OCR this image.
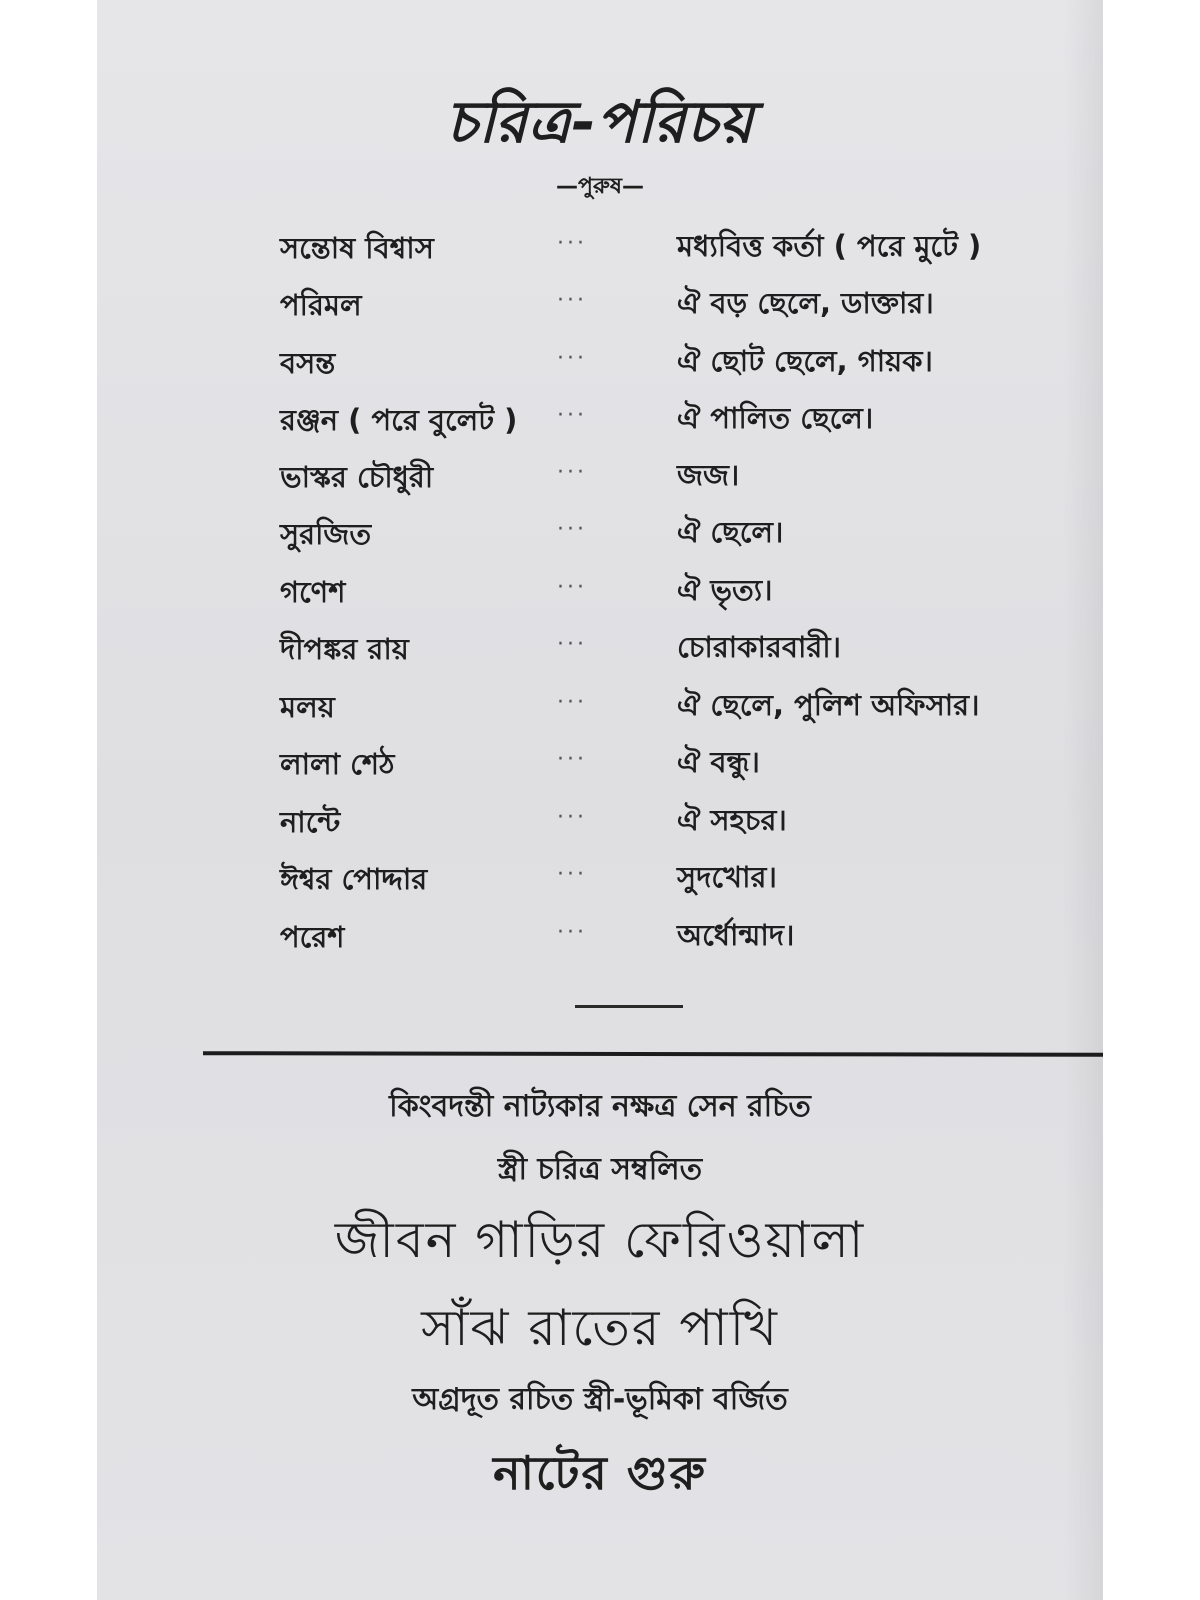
চরিত্র-পরিচয়
—পুরুষ—
সন্তোষ বিশ্বাস	···	মধ্যবিত্ত কর্তা ( পরে মুটে )
পরিমল	···	ঐ বড় ছেলে, ডাক্তার।
বসন্ত	···	ঐ ছোট ছেলে, গায়ক।
রঞ্জন ( পরে বুলেট ) ···	ঐ পালিত ছেলে।
ভাস্কর চৌধুরী	···	জজ।
সুরজিত	···	ঐ ছেলে।
গণেশ	···	ঐ ভৃত্য।
দীপঙ্কর রায়	···	চোরাকারবারী।
মলয়	···	ঐ ছেলে, পুলিশ অফিসার।
লালা শেঠ	···	ঐ বন্ধু।
নান্টে	···	ঐ সহচর।
ঈশ্বর পোদ্দার	···	সুদখোর।
পরেশ	···	অর্ধোন্মাদ।
কিংবদন্তী নাট্যকার নক্ষত্র সেন রচিত
স্ত্রী চরিত্র সম্বলিত
জীবন গাড়ির ফেরিওয়ালা
সাঁঝ রাতের পাখি
অগ্রদূত রচিত স্ত্রী-ভূমিকা বর্জিত
নাটের গুরু
